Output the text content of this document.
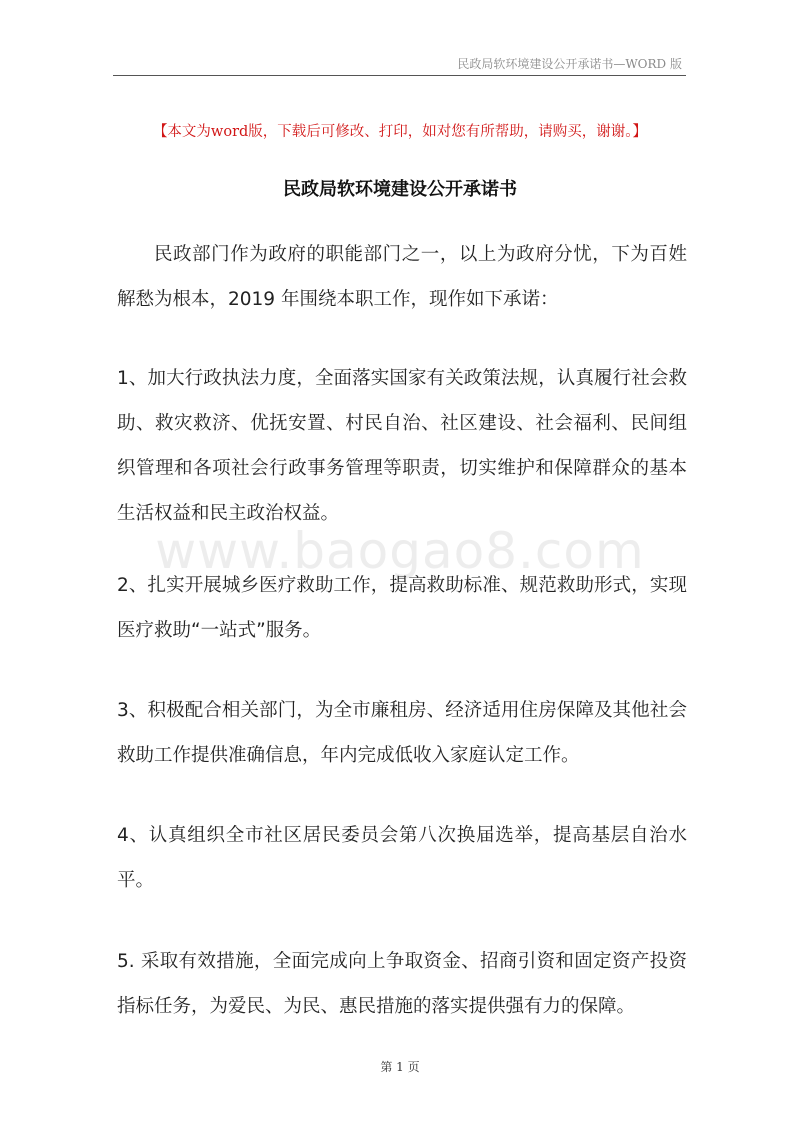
民政局软环境建设公开承诺书—WORD 版
【本文为word版，下载后可修改、打印，如对您有所帮助，请购买，谢谢。】
民政局软环境建设公开承诺书

民政部门作为政府的职能部门之一，以上为政府分忧，下为百姓解愁为根本，2019 年围绕本职工作，现作如下承诺：

1、加大行政执法力度，全面落实国家有关政策法规，认真履行社会救助、救灾救济、优抚安置、村民自治、社区建设、社会福利、民间组织管理和各项社会行政事务管理等职责，切实维护和保障群众的基本生活权益和民主政治权益。

www.baogao8.com

2、扎实开展城乡医疗救助工作，提高救助标准、规范救助形式，实现医疗救助“一站式”服务。

3、积极配合相关部门，为全市廉租房、经济适用住房保障及其他社会救助工作提供准确信息，年内完成低收入家庭认定工作。

4、认真组织全市社区居民委员会第八次换届选举，提高基层自治水平。

5. 采取有效措施，全面完成向上争取资金、招商引资和固定资产投资指标任务，为爱民、为民、惠民措施的落实提供强有力的保障。

第 1 页
